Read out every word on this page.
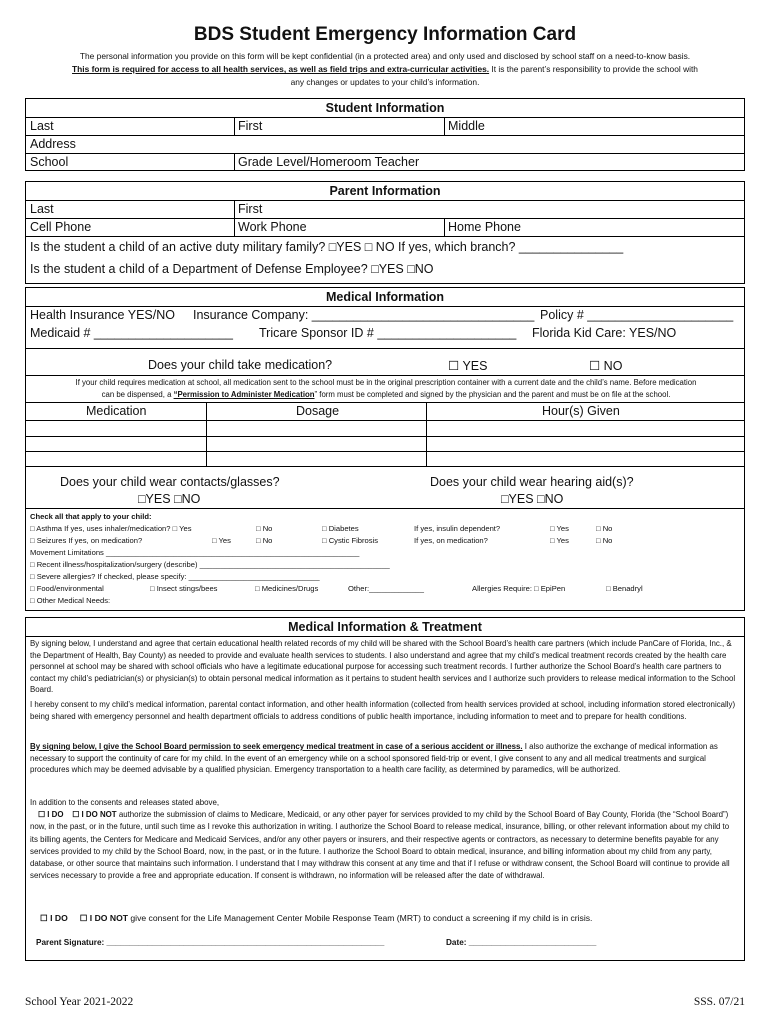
BDS Student Emergency Information Card
The personal information you provide on this form will be kept confidential (in a protected area) and only used and disclosed by school staff on a need-to-know basis.
This form is required for access to all health services, as well as field trips and extra-curricular activities. It is the parent’s responsibility to provide the school with
any changes or updates to your child’s information.
Student Information
Last	First	Middle
Address
School	Grade Level/Homeroom Teacher
Parent Information
Last	First
Cell Phone	Work Phone	Home Phone
Is the student a child of an active duty military family? □YES □ NO If yes, which branch? _______________
Is the student a child of a Department of Defense Employee? □YES □NO
Medical Information
Health Insurance YES/NO Insurance Company: ________________________________ Policy # _____________________
Medicaid # ____________________ Tricare Sponsor ID # ____________________ Florida Kid Care: YES/NO
Does your child take medication?	☐ YES	☐ NO
If your child requires medication at school, all medication sent to the school must be in the original prescription container with a current date and the child’s name. Before medication
can be dispensed, a “Permission to Administer Medication” form must be completed and signed by the physician and the parent and must be on file at the school.
Medication	Dosage	Hour(s) Given
Does your child wear contacts/glasses?
□YES □NO
Does your child wear hearing aid(s)?
□YES □NO
Check all that apply to your child:
□ Asthma If yes, uses inhaler/medication? □ Yes	□ No	□ Diabetes	If yes, insulin dependent?	□ Yes	□ No
□ Seizures If yes, on medication?	□ Yes	□ No	□ Cystic Fibrosis	If yes, on medication?	□ Yes	□ No
Movement Limitations ____________________________________________________________
□ Recent illness/hospitalization/surgery (describe) _____________________________________________
□ Severe allergies? If checked, please specify: _______________________________
□ Food/environmental	□ Insect stings/bees	□ Medicines/Drugs	Other:_____________	Allergies Require: □ EpiPen	□ Benadryl
□ Other Medical Needs:
Medical Information & Treatment
By signing below, I understand and agree that certain educational health related records of my child will be shared with the School Board’s health care partners (which include PanCare of Florida, Inc., & the Department of Health, Bay County) as needed to provide and evaluate health services to students. I also understand and agree that my child’s medical treatment records created by the health care personnel at school may be shared with school officials who have a legitimate educational purpose for accessing such treatment records. I further authorize the School Board’s health care partners to contact my child’s pediatrician(s) or physician(s) to obtain personal medical information as it pertains to student health services and I authorize such providers to release medical information to the School Board.
I hereby consent to my child’s medical information, parental contact information, and other health information (collected from health services provided at school, including information stored electronically) being shared with emergency personnel and health department officials to address conditions of public health importance, including information to meet and to prepare for health conditions.
By signing below, I give the School Board permission to seek emergency medical treatment in case of a serious accident or illness. I also authorize the exchange of medical information as necessary to support the continuity of care for my child. In the event of an emergency while on a school sponsored field-trip or event, I give consent to any and all medical treatments and surgical procedures which may be deemed advisable by a qualified physician. Emergency transportation to a health care facility, as determined by paramedics, will be authorized.
In addition to the consents and releases stated above,
☐ I DO ☐ I DO NOT authorize the submission of claims to Medicare, Medicaid, or any other payer for services provided to my child by the School Board of Bay County, Florida (the “School Board”) now, in the past, or in the future, until such time as I revoke this authorization in writing. I authorize the School Board to release medical, insurance, billing, or other relevant information about my child to its billing agents, the Centers for Medicare and Medicaid Services, and/or any other payers or insurers, and their respective agents or contractors, as necessary to determine benefits payable for any services provided to my child by the School Board, now, in the past, or in the future. I authorize the School Board to obtain medical, insurance, and billing information about my child from any party, database, or other source that maintains such information. I understand that I may withdraw this consent at any time and that if I refuse or withdraw consent, the School Board will continue to provide all services necessary to provide a free and appropriate education. If consent is withdrawn, no information will be released after the date of withdrawal.
☐ I DO ☐ I DO NOT give consent for the Life Management Center Mobile Response Team (MRT) to conduct a screening if my child is in crisis.
Parent Signature: _____________________________________________________________	Date: ____________________________
School Year 2021-2022	SSS. 07/21
